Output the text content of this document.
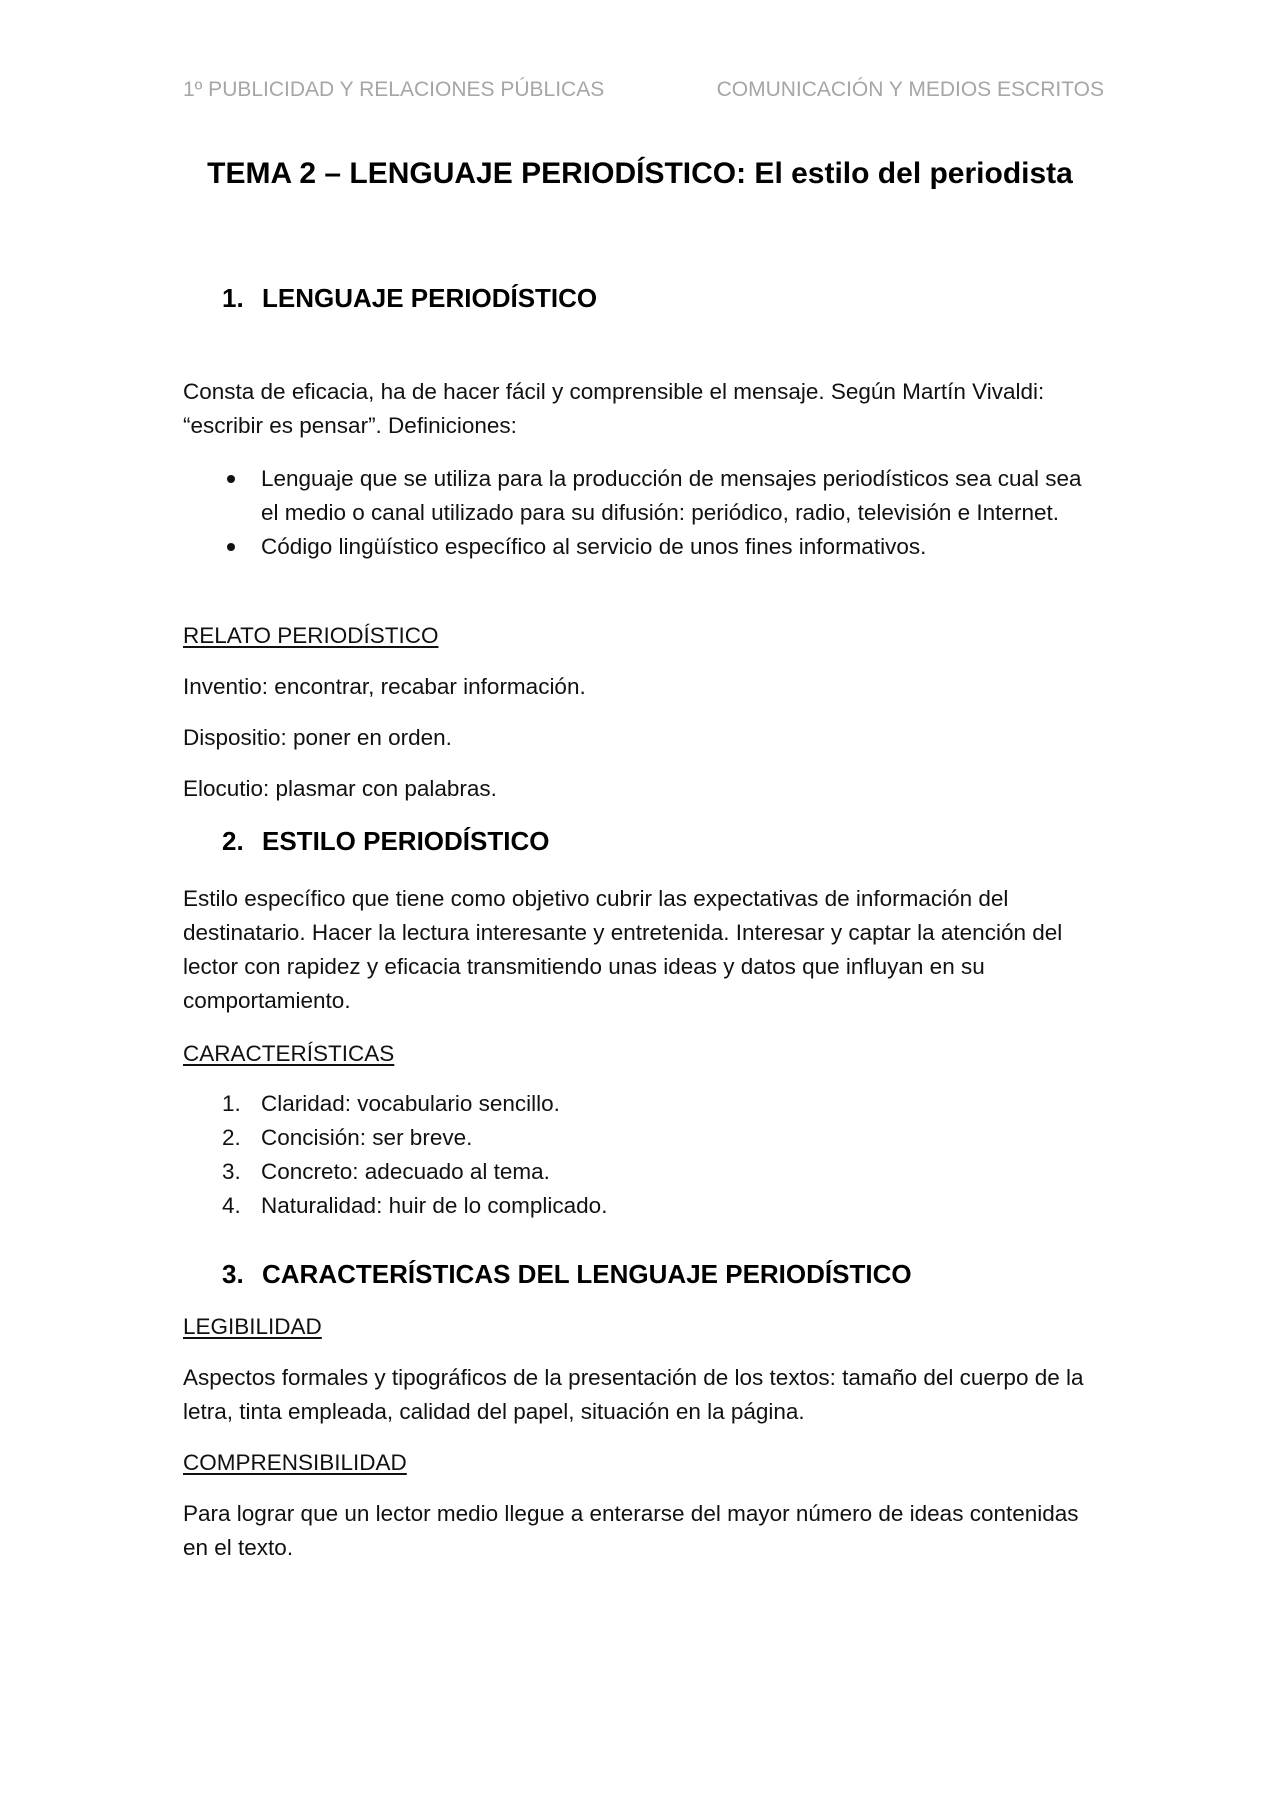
1º PUBLICIDAD Y RELACIONES PÚBLICAS	COMUNICACIÓN Y MEDIOS ESCRITOS
TEMA 2 – LENGUAJE PERIODÍSTICO: El estilo del periodista
1. LENGUAJE PERIODÍSTICO
Consta de eficacia, ha de hacer fácil y comprensible el mensaje. Según Martín Vivaldi: “escribir es pensar”. Definiciones:
Lenguaje que se utiliza para la producción de mensajes periodísticos sea cual sea el medio o canal utilizado para su difusión: periódico, radio, televisión e Internet.
Código lingüístico específico al servicio de unos fines informativos.
RELATO PERIODÍSTICO
Inventio: encontrar, recabar información.
Dispositio: poner en orden.
Elocutio: plasmar con palabras.
2. ESTILO PERIODÍSTICO
Estilo específico que tiene como objetivo cubrir las expectativas de información del destinatario. Hacer la lectura interesante y entretenida. Interesar y captar la atención del lector con rapidez y eficacia transmitiendo unas ideas y datos que influyan en su comportamiento.
CARACTERÍSTICAS
1. Claridad: vocabulario sencillo.
2. Concisión: ser breve.
3. Concreto: adecuado al tema.
4. Naturalidad: huir de lo complicado.
3. CARACTERÍSTICAS DEL LENGUAJE PERIODÍSTICO
LEGIBILIDAD
Aspectos formales y tipográficos de la presentación de los textos: tamaño del cuerpo de la letra, tinta empleada, calidad del papel, situación en la página.
COMPRENSIBILIDAD
Para lograr que un lector medio llegue a enterarse del mayor número de ideas contenidas en el texto.
